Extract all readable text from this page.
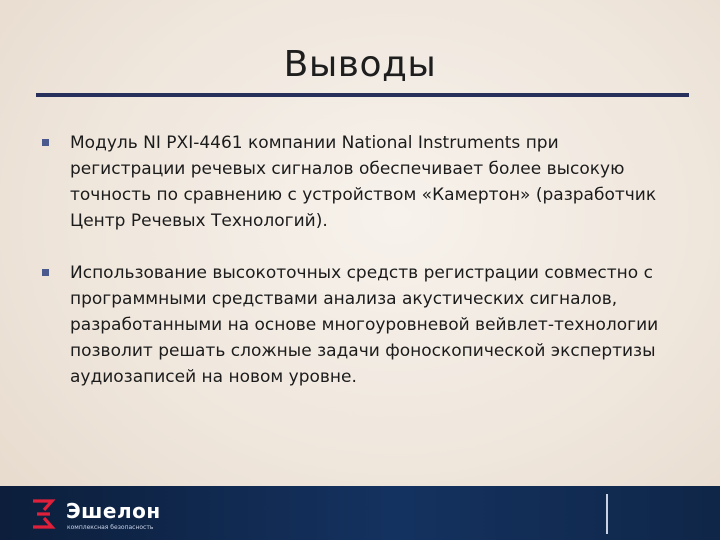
Выводы
Модуль NI PXI-4461 компании National Instruments при регистрации речевых сигналов обеспечивает более высокую точность по сравнению с устройством «Камертон» (разработчик Центр Речевых Технологий).
Использование высокоточных средств регистрации совместно с программными средствами анализа акустических сигналов, разработанными на основе многоуровневой вейвлет-технологии позволит решать сложные задачи фоноскопической экспертизы аудиозаписей на новом уровне.
Эшелон
комплексная безопасность
